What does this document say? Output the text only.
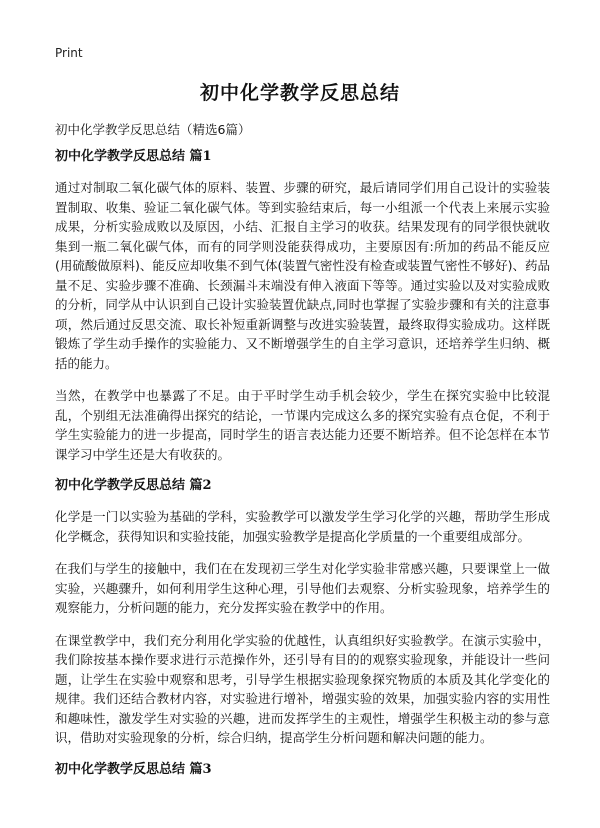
Print
初中化学教学反思总结
初中化学教学反思总结（精选6篇）
初中化学教学反思总结 篇1

通过对制取二氧化碳气体的原料、装置、步骤的研究，最后请同学们用自己设计的实验装置制取、收集、验证二氧化碳气体。等到实验结束后，每一小组派一个代表上来展示实验成果，分析实验成败以及原因，小结、汇报自主学习的收获。结果发现有的同学很快就收集到一瓶二氧化碳气体，而有的同学则没能获得成功，主要原因有:所加的药品不能反应(用硫酸做原料)、能反应却收集不到气体(装置气密性没有检查或装置气密性不够好)、药品量不足、实验步骤不准确、长颈漏斗末端没有伸入液面下等等。通过实验以及对实验成败的分析，同学从中认识到自己设计实验装置优缺点,同时也掌握了实验步骤和有关的注意事项，然后通过反思交流、取长补短重新调整与改进实验装置，最终取得实验成功。这样既锻炼了学生动手操作的实验能力、又不断增强学生的自主学习意识，还培养学生归纳、概括的能力。

当然，在教学中也暴露了不足。由于平时学生动手机会较少，学生在探究实验中比较混乱，个别组无法准确得出探究的结论，一节课内完成这么多的探究实验有点仓促，不利于学生实验能力的进一步提高，同时学生的语言表达能力还要不断培养。但不论怎样在本节课学习中学生还是大有收获的。

初中化学教学反思总结 篇2

化学是一门以实验为基础的学科，实验教学可以激发学生学习化学的兴趣，帮助学生形成化学概念，获得知识和实验技能，加强实验教学是提高化学质量的一个重要组成部分。

在我们与学生的接触中，我们在在发现初三学生对化学实验非常感兴趣，只要课堂上一做实验，兴趣骤升，如何利用学生这种心理，引导他们去观察、分析实验现象，培养学生的观察能力，分析问题的能力，充分发挥实验在教学中的作用。

在课堂教学中，我们充分利用化学实验的优越性，认真组织好实验教学。在演示实验中，我们除按基本操作要求进行示范操作外，还引导有目的的观察实验现象，并能设计一些问题，让学生在实验中观察和思考，引导学生根据实验现象探究物质的本质及其化学变化的规律。我们还结合教材内容，对实验进行增补，增强实验的效果，加强实验内容的实用性和趣味性，激发学生对实验的兴趣，进而发挥学生的主观性，增强学生积极主动的参与意识，借助对实验现象的分析，综合归纳，提高学生分析问题和解决问题的能力。

初中化学教学反思总结 篇3
